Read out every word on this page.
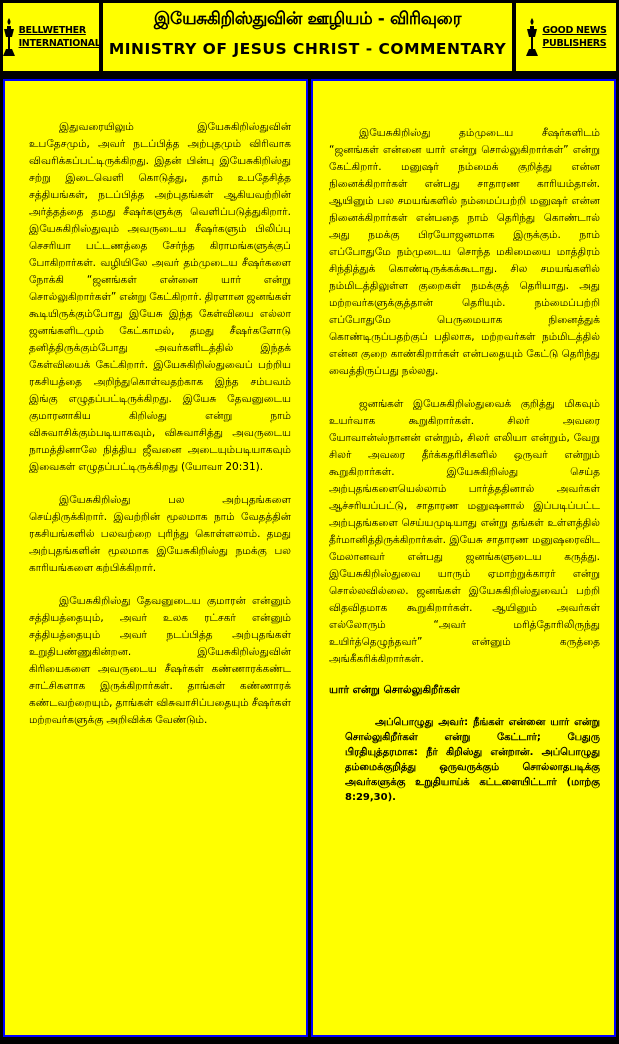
BELLWETHER
INTERNATIONAL
இயேசுகிறிஸ்துவின் ஊழியம் - விரிவுரை
MINISTRY OF JESUS CHRIST - COMMENTARY
GOOD NEWS
PUBLISHERS

இதுவரையிலும் இயேசுகிறிஸ்துவின் உபதேசமும், அவர் நடப்பித்த அற்புதமும் விரிவாக விவரிக்கப்பட்டிருக்கிறது. இதன் பின்பு இயேசுகிறிஸ்து சற்று இடைவெளி கொடுத்து, தாம் உபதேசித்த சத்தியங்கள், நடப்பித்த அற்புதங்கள் ஆகியவற்றின் அர்த்தத்தை தமது சீஷர்களுக்கு வெளிப்படுத்துகிறார். இயேசுகிறிஸ்துவும் அவருடைய சீஷர்களும் பிலிப்பு செசரியா பட்டணத்தை சேர்ந்த கிராமங்களுக்குப் போகிறார்கள். வழியிலே அவர் தம்முடைய சீஷர்களை நோக்கி “ஜனங்கள் என்னை யார் என்று சொல்லுகிறார்கள்” என்று கேட்கிறார். திரளான ஜனங்கள் கூடியிருக்கும்போது இயேசு இந்த கேள்வியை எல்லா ஜனங்களிடமும் கேட்காமல், தமது சீஷர்களோடு தனித்திருக்கும்போது அவர்களிடத்தில் இந்தக் கேள்வியைக் கேட்கிறார். இயேசுகிறிஸ்துவைப் பற்றிய ரகசியத்தை அறிந்துகொள்வதற்காக இந்த சம்பவம் இங்கு எழுதப்பட்டிருக்கிறது. இயேசு தேவனுடைய குமாரனாகிய கிறிஸ்து என்று நாம் விசுவாசிக்கும்படியாகவும், விசுவாசித்து அவருடைய நாமத்தினாலே நித்திய ஜீவனை அடையும்படியாகவும் இவைகள் எழுதப்பட்டிருக்கிறது (யோவா 20:31).

இயேசுகிறிஸ்து பல அற்புதங்களை செய்திருக்கிறார். இவற்றின் மூலமாக நாம் வேதத்தின் ரகசியங்களில் பலவற்றை புரிந்து கொள்ளலாம். தமது அற்புதங்களின் மூலமாக இயேசுகிறிஸ்து நமக்கு பல காரியங்களை கற்பிக்கிறார்.

இயேசுகிறிஸ்து தேவனுடைய குமாரன் என்னும் சத்தியத்தையும், அவர் உலக ரட்சகர் என்னும் சத்தியத்தையும் அவர் நடப்பித்த அற்புதங்கள் உறுதிபண்ணுகின்றன. இயேசுகிறிஸ்துவின் கிரியைகளை அவருடைய சீஷர்கள் கண்ணாரக்கண்ட சாட்சிகளாக இருக்கிறார்கள். தாங்கள் கண்ணாரக் கண்டவற்றையும், தாங்கள் விசுவாசிப்பதையும் சீஷர்கள் மற்றவர்களுக்கு அறிவிக்க வேண்டும்.

இயேசுகிறிஸ்து தம்முடைய சீஷர்களிடம் “ஜனங்கள் என்னை யார் என்று சொல்லுகிறார்கள்” என்று கேட்கிறார். மனுஷர் நம்மைக் குறித்து என்ன நினைக்கிறார்கள் என்பது சாதாரண காரியம்தான். ஆயினும் பல சமயங்களில் நம்மைப்பற்றி மனுஷர் என்ன நினைக்கிறார்கள் என்பதை நாம் தெரிந்து கொண்டால் அது நமக்கு பிரயோஜனமாக இருக்கும். நாம் எப்போதுமே நம்முடைய சொந்த மகிமையை மாத்திரம் சிந்தித்துக் கொண்டிருக்கக்கூடாது. சில சமயங்களில் நம்மிடத்திலுள்ள குறைகள் நமக்குத் தெரியாது. அது மற்றவர்களுக்குத்தான் தெரியும். நம்மைப்பற்றி எப்போதுமே பெருமையாக நினைத்துக் கொண்டிருப்பதற்குப் பதிலாக, மற்றவர்கள் நம்மிடத்தில் என்ன குறை காண்கிறார்கள் என்பதையும் கேட்டு தெரிந்து வைத்திருப்பது நல்லது.

ஜனங்கள் இயேசுகிறிஸ்துவைக் குறித்து மிகவும் உயர்வாக கூறுகிறார்கள். சிலர் அவரை யோவான்ஸ்நானன் என்றும், சிலர் எலியா என்றும், வேறு சிலர் அவரை தீர்க்கதரிசிகளில் ஒருவர் என்றும் கூறுகிறார்கள். இயேசுகிறிஸ்து செய்த அற்புதங்களையெல்லாம் பார்த்ததினால் அவர்கள் ஆச்சரியப்பட்டு, சாதாரண மனுஷனால் இப்படிப்பட்ட அற்புதங்களை செய்யமுடியாது என்று தங்கள் உள்ளத்தில் தீர்மானித்திருக்கிறார்கள். இயேசு சாதாரண மனுஷரைவிட மேலானவர் என்பது ஜனங்களுடைய கருத்து. இயேசுகிறிஸ்துவை யாரும் ஏமாற்றுக்காரர் என்று சொல்லவில்லை. ஜனங்கள் இயேசுகிறிஸ்துவைப் பற்றி விதவிதமாக கூறுகிறார்கள். ஆயினும் அவர்கள் எல்லோரும் “அவர் மரித்தோரிலிருந்து உயிர்த்தெழுந்தவர்” என்னும் கருத்தை அங்கீகரிக்கிறார்கள்.

யார் என்று சொல்லுகிறீர்கள்

அப்பொழுது அவர்: நீங்கள் என்னை யார் என்று சொல்லுகிறீர்கள் என்று கேட்டார்; பேதுரு பிரதியுத்தரமாக: நீர் கிறிஸ்து என்றான். அப்பொழுது தம்மைக்குறித்து ஒருவருக்கும் சொல்லாதபடிக்கு அவர்களுக்கு உறுதியாய்க் கட்டளையிட்டார் (மாற்கு 8:29,30).
